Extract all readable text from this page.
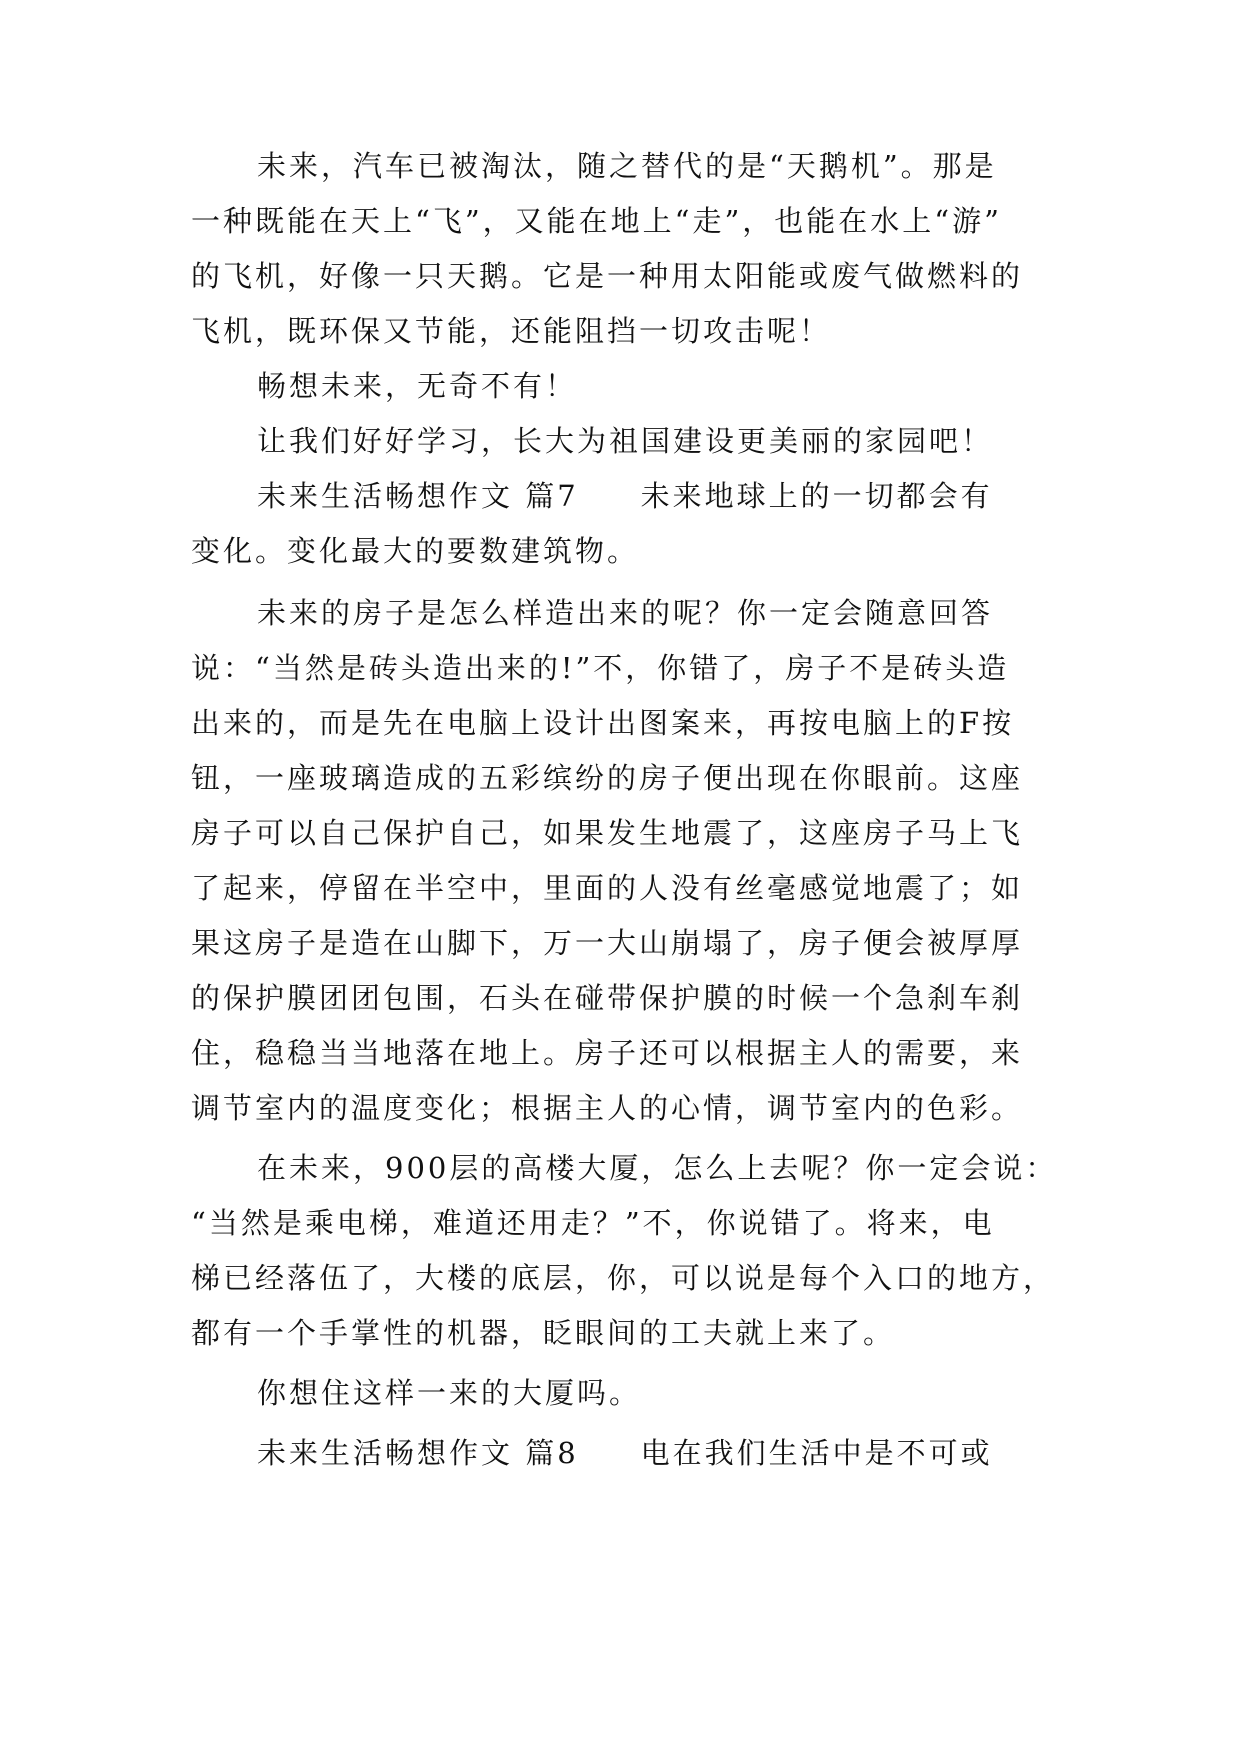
未来，汽车已被淘汰，随之替代的是“天鹅机”。那是
一种既能在天上“飞”，又能在地上“走”，也能在水上“游”
的飞机，好像一只天鹅。它是一种用太阳能或废气做燃料的
飞机，既环保又节能，还能阻挡一切攻击呢！
畅想未来，无奇不有！
让我们好好学习，长大为祖国建设更美丽的家园吧！
未来生活畅想作文 篇7 未来地球上的一切都会有
变化。变化最大的要数建筑物。
未来的房子是怎么样造出来的呢？你一定会随意回答
说：“当然是砖头造出来的!”不，你错了，房子不是砖头造
出来的，而是先在电脑上设计出图案来，再按电脑上的F按
钮，一座玻璃造成的五彩缤纷的房子便出现在你眼前。这座
房子可以自己保护自己，如果发生地震了，这座房子马上飞
了起来，停留在半空中，里面的人没有丝毫感觉地震了；如
果这房子是造在山脚下，万一大山崩塌了，房子便会被厚厚
的保护膜团团包围，石头在碰带保护膜的时候一个急刹车刹
住，稳稳当当地落在地上。房子还可以根据主人的需要，来
调节室内的温度变化；根据主人的心情，调节室内的色彩。
在未来，900层的高楼大厦，怎么上去呢？你一定会说：
“当然是乘电梯，难道还用走？”不，你说错了。将来，电
梯已经落伍了，大楼的底层，你，可以说是每个入口的地方，
都有一个手掌性的机器，眨眼间的工夫就上来了。
你想住这样一来的大厦吗。
未来生活畅想作文 篇8 电在我们生活中是不可或
